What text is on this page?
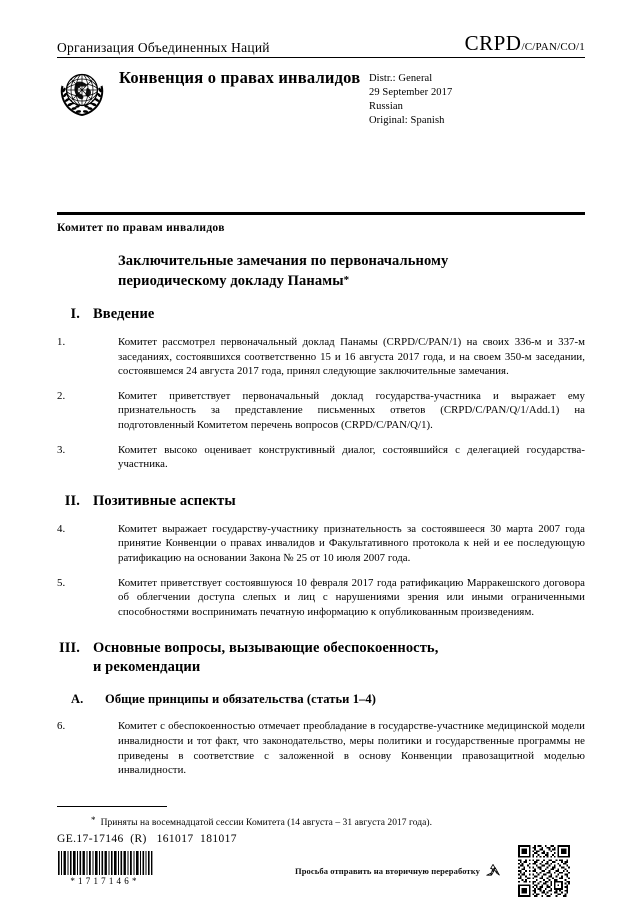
Организация Объединенных Наций	CRPD/C/PAN/CO/1
Конвенция о правах инвалидов Distr.: General
29 September 2017
Russian
Original: Spanish
Комитет по правам инвалидов
Заключительные замечания по первоначальному
периодическому докладу Панамы*
I. Введение

1.	Комитет рассмотрел первоначальный доклад Панамы (CRPD/C/PAN/1) на своих 336-м и 337-м заседаниях, состоявшихся соответственно 15 и 16 августа 2017 года, и на своем 350-м заседании, состоявшемся 24 августа 2017 года, принял следующие заключительные замечания.

2.	Комитет приветствует первоначальный доклад государства-участника и выражает ему признательность за представление письменных ответов (CRPD/C/PAN/Q/1/Add.1) на подготовленный Комитетом перечень вопросов (CRPD/C/PAN/Q/1).

3.	Комитет высоко оценивает конструктивный диалог, состоявшийся с делегацией государства-участника.

II. Позитивные аспекты

4.	Комитет выражает государству-участнику признательность за состоявшееся 30 марта 2007 года принятие Конвенции о правах инвалидов и Факультативного протокола к ней и ее последующую ратификацию на основании Закона № 25 от 10 июля 2007 года.

5.	Комитет приветствует состоявшуюся 10 февраля 2017 года ратификацию Марракешского договора об облегчении доступа слепых и лиц с нарушениями зрения или иными ограниченными способностями воспринимать печатную информацию к опубликованным произведениям.

III. Основные вопросы, вызывающие обеспокоенность,
и рекомендации
A.	Общие принципы и обязательства (статьи 1–4)

6.	Комитет с обеспокоенностью отмечает преобладание в государстве-участнике медицинской модели инвалидности и тот факт, что законодательство, меры политики и государственные программы не приведены в соответствие с заложенной в основу Конвенции правозащитной моделью инвалидности.

* Приняты на восемнадцатой сессии Комитета (14 августа – 31 августа 2017 года).
GE.17-17146  (R)   161017  181017
*1717146*
Просьба отправить на вторичную переработку
